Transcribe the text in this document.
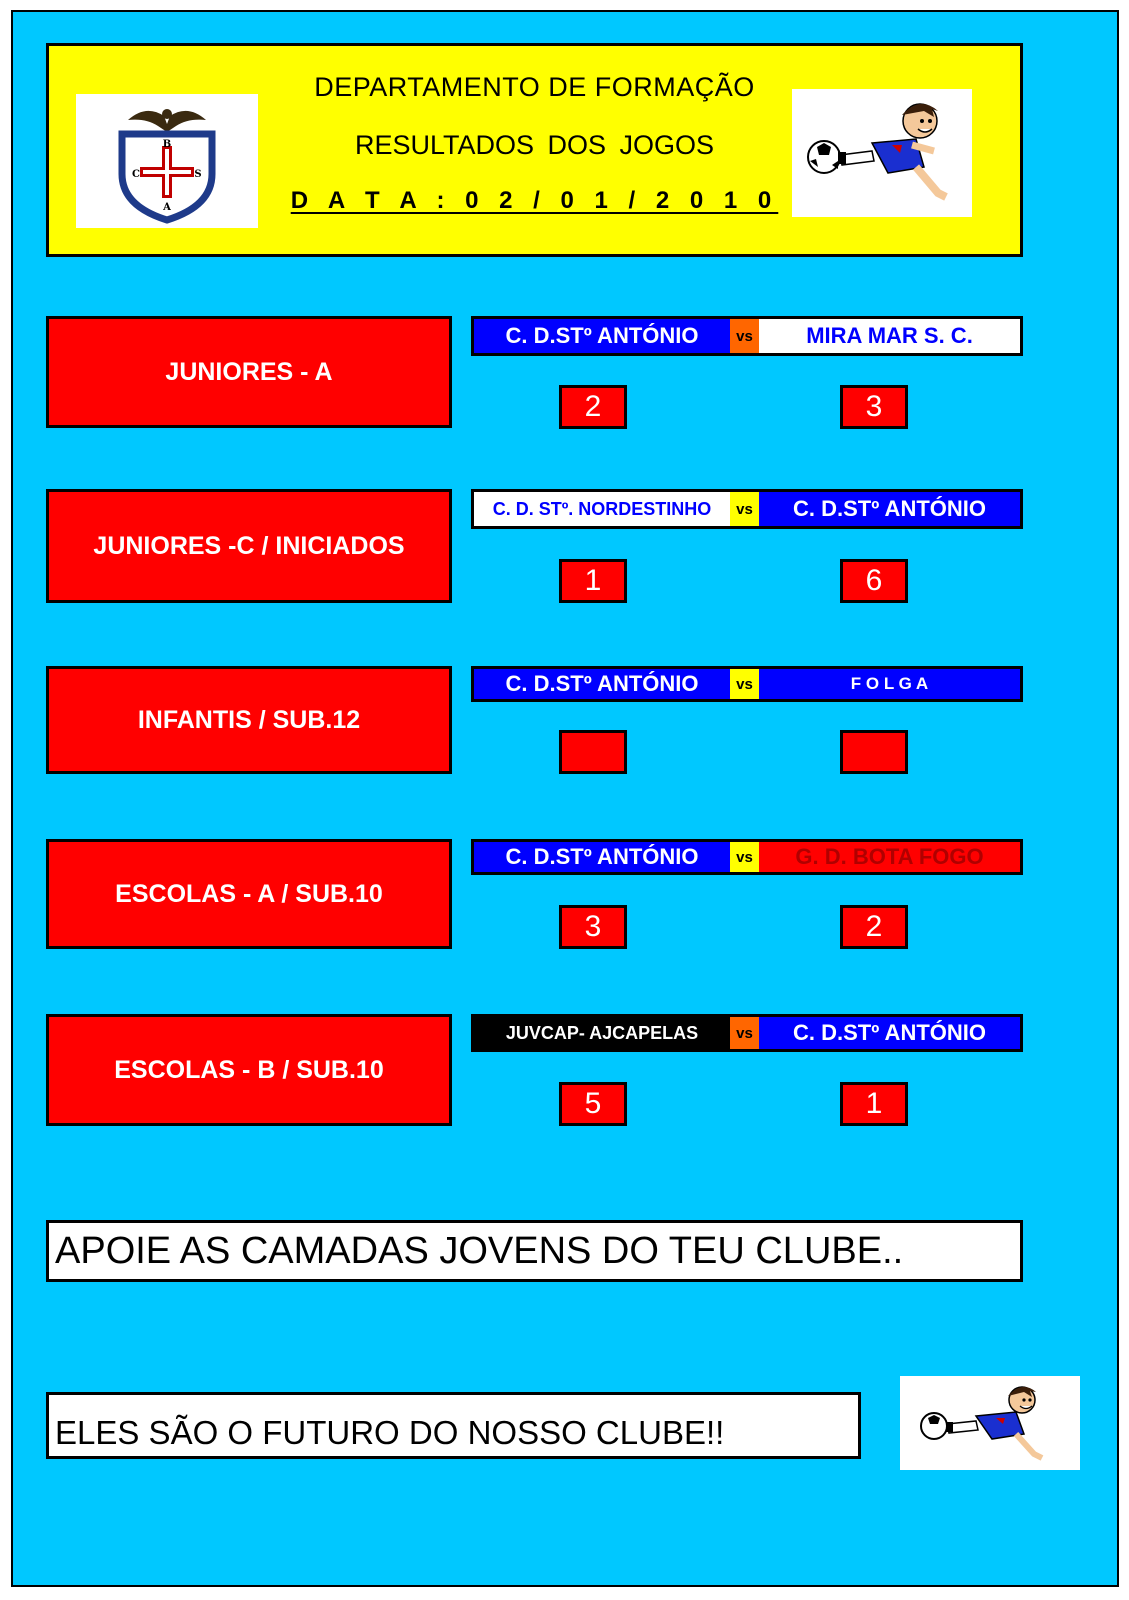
B
C	S
A
DEPARTAMENTO DE FORMAÇÃO
RESULTADOS DOS JOGOS
D A T A : 0 2 / 0 1 / 2 0 1 0
JUNIORES - A
C. D.STº ANTÓNIO	vs	MIRA MAR S. C.
2	3
JUNIORES -C / INICIADOS
C. D. STº. NORDESTINHO	vs	C. D.STº ANTÓNIO
1	6
INFANTIS / SUB.12
C. D.STº ANTÓNIO	vs	F O L G A
ESCOLAS - A / SUB.10
C. D.STº ANTÓNIO	vs	G. D. BOTA FOGO
3	2
ESCOLAS - B / SUB.10
JUVCAP- AJCAPELAS	vs	C. D.STº ANTÓNIO
5	1
APOIE AS CAMADAS JOVENS DO TEU CLUBE..
ELES SÃO O FUTURO DO NOSSO CLUBE!!
